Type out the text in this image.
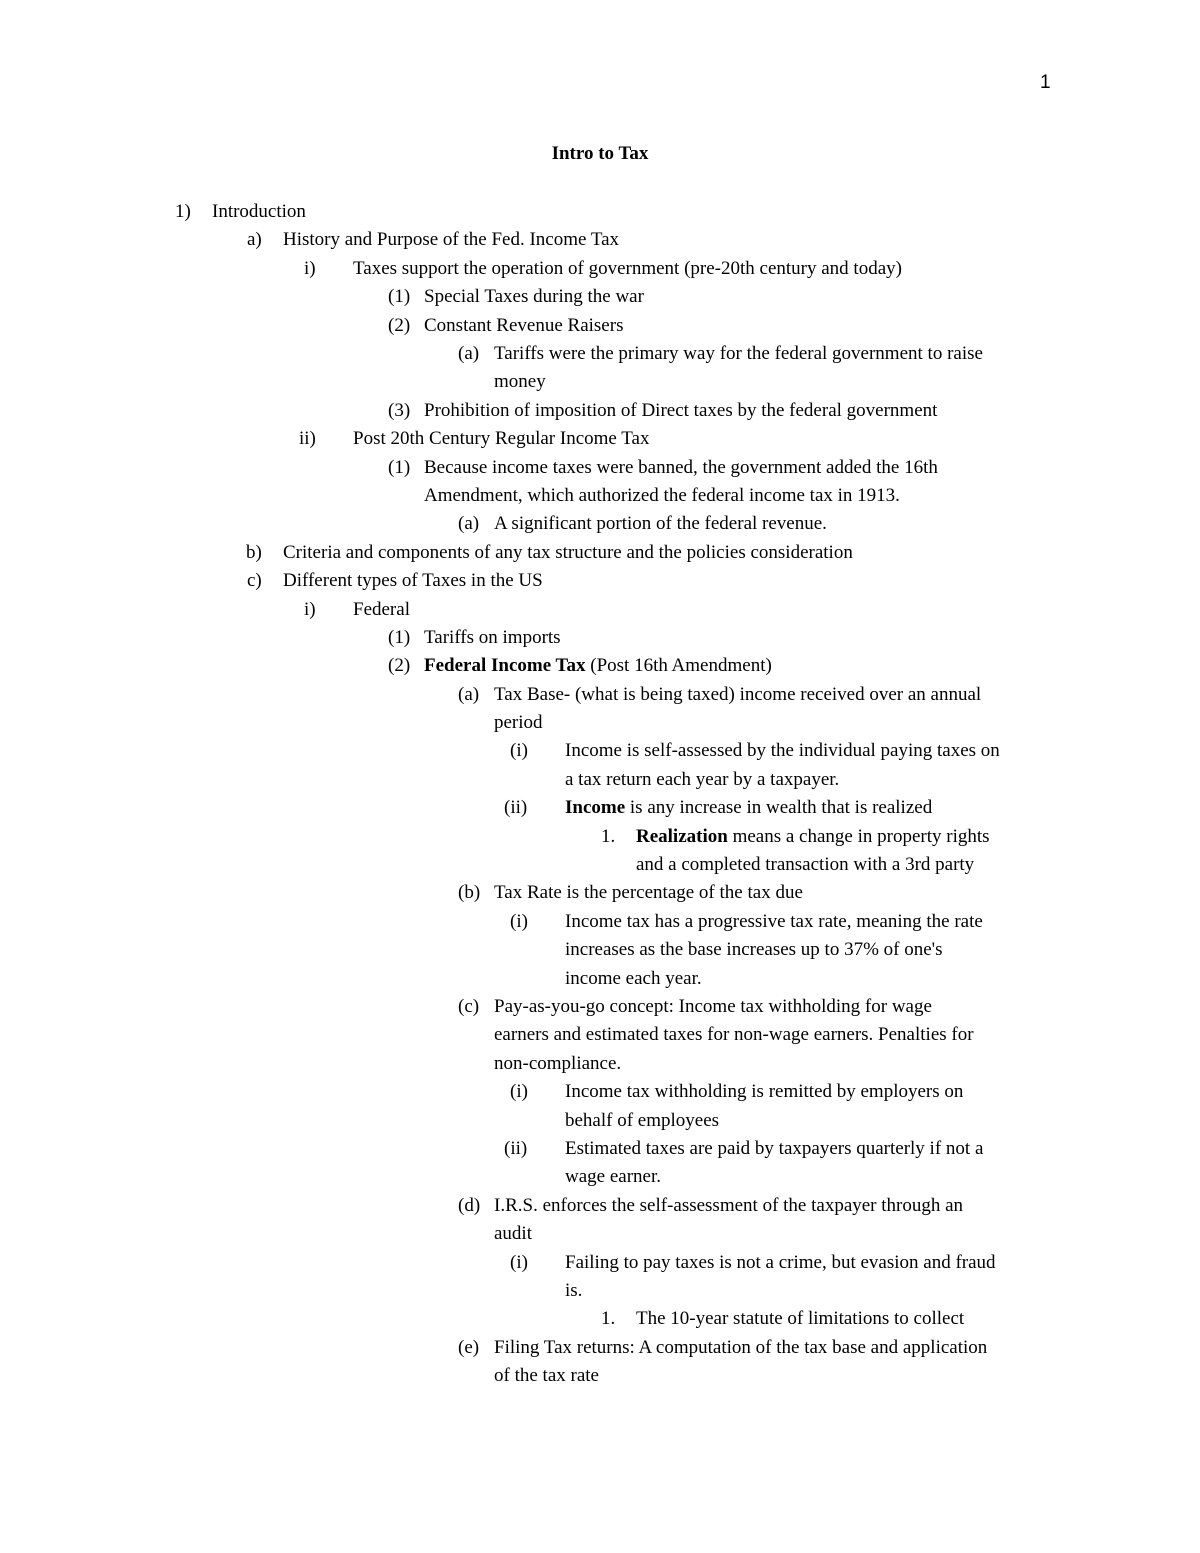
1
Intro to Tax
1) Introduction
a) History and Purpose of the Fed. Income Tax
i) Taxes support the operation of government (pre-20th century and today)
(1) Special Taxes during the war
(2) Constant Revenue Raisers
(a) Tariffs were the primary way for the federal government to raise
money
(3) Prohibition of imposition of Direct taxes by the federal government
ii) Post 20th Century Regular Income Tax
(1) Because income taxes were banned, the government added the 16th
Amendment, which authorized the federal income tax in 1913.
(a) A significant portion of the federal revenue.
b) Criteria and components of any tax structure and the policies consideration
c) Different types of Taxes in the US
i) Federal
(1) Tariffs on imports
(2) Federal Income Tax (Post 16th Amendment)
(a) Tax Base- (what is being taxed) income received over an annual
period
(i) Income is self-assessed by the individual paying taxes on
a tax return each year by a taxpayer.
(ii) Income is any increase in wealth that is realized
1. Realization means a change in property rights
and a completed transaction with a 3rd party
(b) Tax Rate is the percentage of the tax due
(i) Income tax has a progressive tax rate, meaning the rate
increases as the base increases up to 37% of one's
income each year.
(c) Pay-as-you-go concept: Income tax withholding for wage
earners and estimated taxes for non-wage earners. Penalties for
non-compliance.
(i) Income tax withholding is remitted by employers on
behalf of employees
(ii) Estimated taxes are paid by taxpayers quarterly if not a
wage earner.
(d) I.R.S. enforces the self-assessment of the taxpayer through an
audit
(i) Failing to pay taxes is not a crime, but evasion and fraud
is.
1. The 10-year statute of limitations to collect
(e) Filing Tax returns: A computation of the tax base and application
of the tax rate
